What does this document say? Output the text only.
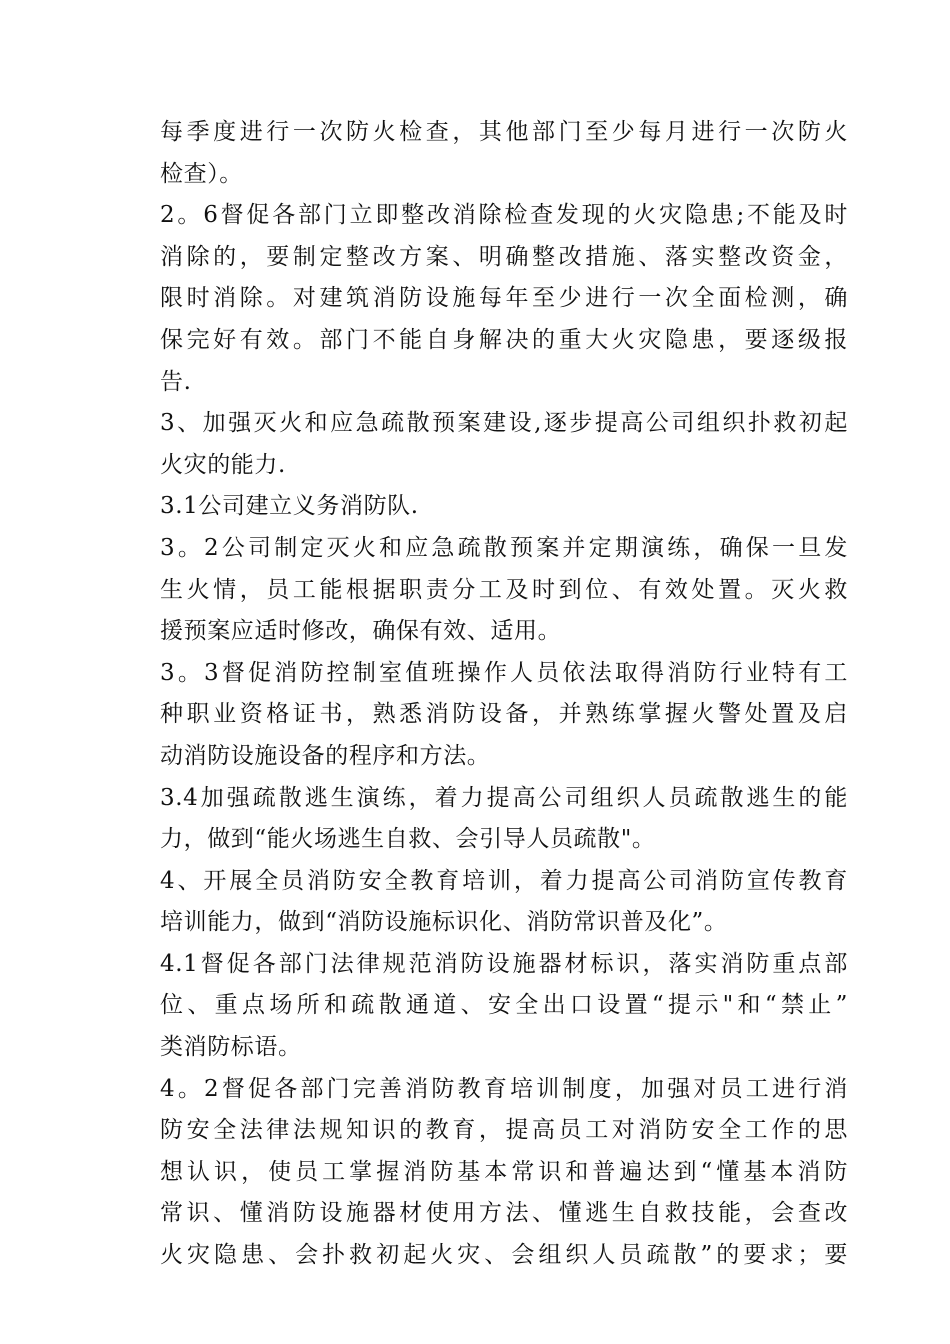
每季度进行一次防火检查，其他部门至少每月进行一次防火
检查）。
2。6督促各部门立即整改消除检查发现的火灾隐患;不能及时
消除的，要制定整改方案、明确整改措施、落实整改资金，
限时消除。对建筑消防设施每年至少进行一次全面检测，确
保完好有效。部门不能自身解决的重大火灾隐患，要逐级报
告.
3、加强灭火和应急疏散预案建设,逐步提高公司组织扑救初起
火灾的能力.
3.1公司建立义务消防队.
3。2公司制定灭火和应急疏散预案并定期演练，确保一旦发
生火情，员工能根据职责分工及时到位、有效处置。灭火救
援预案应适时修改，确保有效、适用。
3。3督促消防控制室值班操作人员依法取得消防行业特有工
种职业资格证书，熟悉消防设备，并熟练掌握火警处置及启
动消防设施设备的程序和方法。
3.4加强疏散逃生演练，着力提高公司组织人员疏散逃生的能
力，做到“能火场逃生自救、会引导人员疏散"。
4、开展全员消防安全教育培训，着力提高公司消防宣传教育
培训能力，做到“消防设施标识化、消防常识普及化”。
4.1督促各部门法律规范消防设施器材标识，落实消防重点部
位、重点场所和疏散通道、安全出口设置“提示"和“禁止”
类消防标语。
4。2督促各部门完善消防教育培训制度，加强对员工进行消
防安全法律法规知识的教育，提高员工对消防安全工作的思
想认识，使员工掌握消防基本常识和普遍达到“懂基本消防
常识、懂消防设施器材使用方法、懂逃生自救技能，会查改
火灾隐患、会扑救初起火灾、会组织人员疏散”的要求；要
